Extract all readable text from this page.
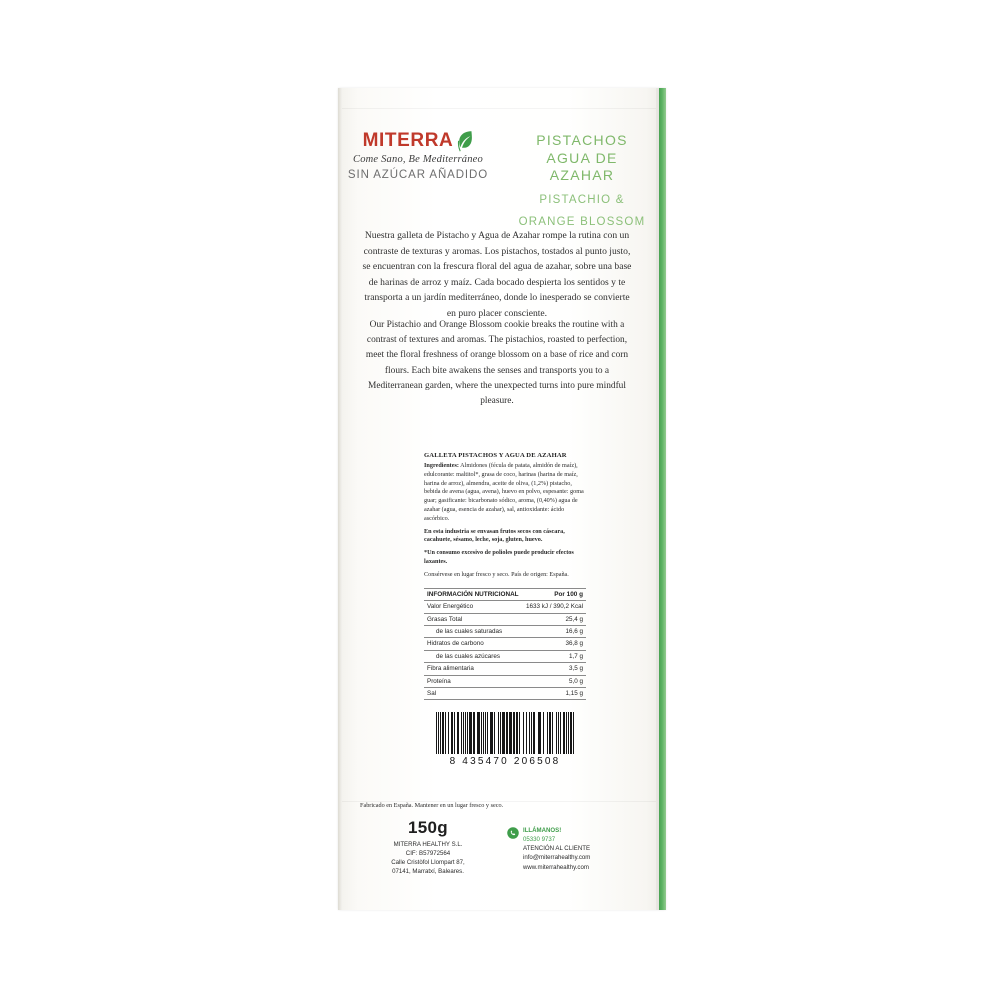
MITERRA
Come Sano, Be Mediterráneo
SIN AZÚCAR AÑADIDO
PISTACHOS
AGUA DE AZAHAR
PISTACHIO &
ORANGE BLOSSOM
Nuestra galleta de Pistacho y Agua de Azahar rompe la rutina con un contraste de texturas y aromas. Los pistachos, tostados al punto justo, se encuentran con la frescura floral del agua de azahar, sobre una base de harinas de arroz y maíz. Cada bocado despierta los sentidos y te transporta a un jardín mediterráneo, donde lo inesperado se convierte en puro placer consciente.
Our Pistachio and Orange Blossom cookie breaks the routine with a contrast of textures and aromas. The pistachios, roasted to perfection, meet the floral freshness of orange blossom on a base of rice and corn flours. Each bite awakens the senses and transports you to a Mediterranean garden, where the unexpected turns into pure mindful pleasure.
GALLETA PISTACHOS Y AGUA DE AZAHAR
Ingredientes: Almidones (fécula de patata, almidón de maíz), edulcorante: maltitol*, grasa de coco, harinas (harina de maíz, harina de arroz), almendra, aceite de oliva, (1,2%) pistacho, bebida de avena (agua, avena), huevo en polvo, espesante: goma guar; gasificante: bicarbonato sódico, aroma, (0,40%) agua de azahar (agua, esencia de azahar), sal, antioxidante: ácido ascórbico.
En esta industria se envasan frutos secos con cáscara, cacahuete, sésamo, leche, soja, gluten, huevo.
*Un consumo excesivo de polioles puede producir efectos laxantes.
Consérvese en lugar fresco y seco. País de origen: España.
INFORMACIÓN NUTRICIONAL	Por 100 g
Valor Energético	1633 kJ / 390,2 Kcal
Grasas Total	25,4 g
de las cuales saturadas	16,6 g
Hidratos de carbono	36,8 g
de las cuales azúcares	1,7 g
Fibra alimentaria	3,5 g
Proteína	5,0 g
Sal	1,15 g
8 435470 206508
Fabricado en España. Mantener en un lugar fresco y seco.
150g
MITERRA HEALTHY S.L.
CIF: B57972564
Calle Cristòfol Llompart 87,
07141, Marratxí, Baleares.
ILLÁMANOS!
05330 9737
ATENCIÓN AL CLIENTE
info@miterrahealthy.com
www.miterrahealthy.com
